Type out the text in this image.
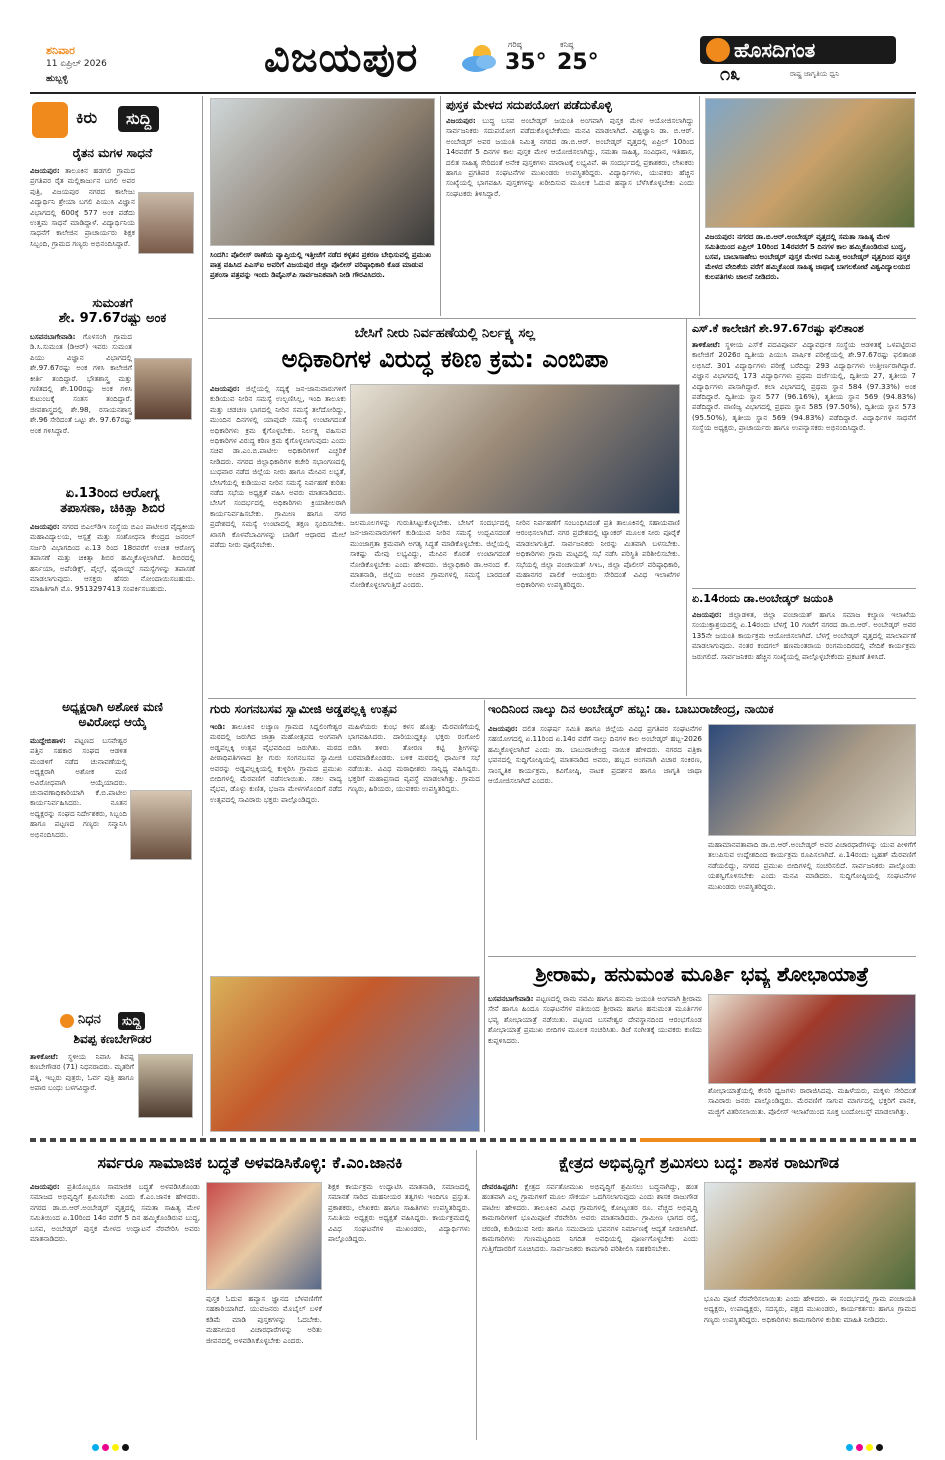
ಶನಿವಾರ
11 ಏಪ್ರಿಲ್ 2026
ಹುಬ್ಬಳ್ಳಿ	ವಿಜಯಪುರ	ಗರಿಷ್ಠ
35°
ಕನಿಷ್ಠ
25°	ಹೊಸದಿಗಂತ
೧೩	ರಾಷ್ಟ್ರ ಜಾಗೃತಿಯ ಧ್ವನಿ
ಕಿರು	ಸುದ್ದಿ
ರೈತನ ಮಗಳ ಸಾಧನೆ
ವಿಜಯಪುರ: ತಾಲೂಕಿನ ಹಡಗಲಿ ಗ್ರಾಮದ ಪ್ರಗತಿಪರ ರೈತ ಮಲ್ಲಿಕಾರ್ಜುನ ಬಗಲಿ ಅವರ ಪುತ್ರಿ, ವಿಜಯಪುರ ನಗರದ ಕಾಲೇಜು ವಿದ್ಯಾರ್ಥಿನಿ ಶ್ರೇಯಾ ಬಗಲಿ ಪಿಯುಸಿ ವಿಜ್ಞಾನ ವಿಭಾಗದಲ್ಲಿ 600ಕ್ಕೆ 577 ಅಂಕ ಪಡೆದು ಉತ್ತಮ ಸಾಧನೆ ಮಾಡಿದ್ದಾಳೆ. ವಿದ್ಯಾರ್ಥಿನಿಯ ಸಾಧನೆಗೆ ಕಾಲೇಜಿನ ಪ್ರಾಚಾರ್ಯರು ಶಿಕ್ಷಕ ಸಿಬ್ಬಂದಿ, ಗ್ರಾಮದ ಗಣ್ಯರು ಅಭಿನಂದಿಸಿದ್ದಾರೆ.
ಸುಮಂತಗೆ
ಶೇ. 97.67ರಷ್ಟು ಅಂಕ
ಬಸವನಬಾಗೇವಾಡಿ: ಗೊಳಸಂಗಿ ಗ್ರಾಮದ ಡಿ.ಸಿ.ಸುಮಂತ (ಡಿಆರ್) ಇವರು ಸುಮಂತ ಪಿಯು ವಿಜ್ಞಾನ ವಿಭಾಗದಲ್ಲಿ ಶೇ.97.67ರಷ್ಟು ಅಂಕ ಗಳಿಸಿ ಕಾಲೇಜಿಗೆ ಕೀರ್ತಿ ತಂದಿದ್ದಾರೆ. ಭೌತಶಾಸ್ತ್ರ ಮತ್ತು ಗಣಿತದಲ್ಲಿ ಶೇ.100ರಷ್ಟು ಅಂಕ ಗಳಿಸಿ ಕುಟುಂಬಕ್ಕೆ ಸಂತಸ ತಂದಿದ್ದಾರೆ. ಜೀವಶಾಸ್ತ್ರದಲ್ಲಿ ಶೇ.98, ರಸಾಯನಶಾಸ್ತ್ರ ಶೇ.96 ಸೇರಿದಂತೆ ಒಟ್ಟು ಶೇ. 97.67ರಷ್ಟು ಅಂಕ ಗಳಿಸಿದ್ದಾರೆ.
ಏ.13ರಿಂದ ಆರೋಗ್ಯ
ತಪಾಸಣಾ, ಚಿಕಿತ್ಸಾ ಶಿಬಿರ
ವಿಜಯಪುರ: ನಗರದ ಬಿಎಲ್‌ಡಿಇ ಸಂಸ್ಥೆಯ ಬಿಎಂ ಪಾಟೀಲರ ವೈದ್ಯಕೀಯ ಮಹಾವಿದ್ಯಾಲಯ, ಆಸ್ಪತ್ರೆ ಮತ್ತು ಸಂಶೋಧನಾ ಕೇಂದ್ರದ ಜನರಲ್ ಸರ್ಜರಿ ವಿಭಾಗದಿಂದ ಏ.13 ರಿಂದ 18ರವರೆಗೆ ಉಚಿತ ಆರೋಗ್ಯ ತಪಾಸಣೆ ಮತ್ತು ಚಿಕಿತ್ಸಾ ಶಿಬಿರ ಹಮ್ಮಿಕೊಳ್ಳಲಾಗಿದೆ. ಶಿಬಿರದಲ್ಲಿ ಹರ್ನಿಯಾ, ಅಪೆಂಡಿಕ್ಸ್, ಪೈಲ್ಸ್, ಥೈರಾಯ್ಡ್ ಸಮಸ್ಯೆಗಳನ್ನು ತಪಾಸಣೆ ಮಾಡಲಾಗುವುದು. ಆಸಕ್ತರು ಹೆಸರು ನೋಂದಾಯಿಸಬಹುದು. ಮಾಹಿತಿಗಾಗಿ ಮೊ. 9513297413 ಸಂಪರ್ಕಿಸಬಹುದು.
ಅಧ್ಯಕ್ಷರಾಗಿ ಅಶೋಕ ಮಣಿ
ಅವಿರೋಧ ಆಯ್ಕೆ
ಮುದ್ದೇಬಿಹಾಳ: ಪಟ್ಟಣದ ಬಸವೇಶ್ವರ ಪತ್ತಿನ ಸಹಕಾರ ಸಂಘದ ಆಡಳಿತ ಮಂಡಳಿಗೆ ನಡೆದ ಚುನಾವಣೆಯಲ್ಲಿ ಅಧ್ಯಕ್ಷರಾಗಿ ಅಶೋಕ ಮಣಿ ಅವಿರೋಧವಾಗಿ ಆಯ್ಕೆಯಾದರು. ಚುನಾವಣಾಧಿಕಾರಿಯಾಗಿ ಕೆ.ಬಿ.ಪಾಟೀಲ ಕಾರ್ಯನಿರ್ವಹಿಸಿದರು. ನೂತನ ಅಧ್ಯಕ್ಷರನ್ನು ಸಂಘದ ನಿರ್ದೇಶಕರು, ಸಿಬ್ಬಂದಿ ಹಾಗೂ ಪಟ್ಟಣದ ಗಣ್ಯರು ಸನ್ಮಾನಿಸಿ ಅಭಿನಂದಿಸಿದರು.
ನಿಧನ	ಸುದ್ದಿ
ಶಿವಪ್ಪ ಕಣಬೇಗೌಡರ
ತಾಳಿಕೋಟೆ: ಸ್ಥಳೀಯ ನಿವಾಸಿ ಶಿವಪ್ಪ ಕಣಬೇಗೌಡರ (71) ನಿಧನರಾದರು. ಮೃತರಿಗೆ ಪತ್ನಿ, ಇಬ್ಬರು ಪುತ್ರರು, ಓರ್ವ ಪುತ್ರಿ ಹಾಗೂ ಅಪಾರ ಬಂಧು ಬಳಗವಿದ್ದಾರೆ.
ಸಿಂದಗಿ: ಪೊಲೀಸ್ ಠಾಣೆಯ ವ್ಯಾಪ್ತಿಯಲ್ಲಿ ಇತ್ತೀಚೆಗೆ ನಡೆದ ಕಳ್ಳತನ ಪ್ರಕರಣ ಬೇಧಿಸುವಲ್ಲಿ ಪ್ರಮುಖ ಪಾತ್ರ ವಹಿಸಿದ ಪಿಎಸ್‌ಐ ಅವರಿಗೆ ವಿಜಯಪುರ ಜಿಲ್ಲಾ ಪೊಲೀಸ್ ವರಿಷ್ಠಾಧಿಕಾರಿ ಕೊಡ ಮಾಡುವ ಪ್ರಶಂಸಾ ಪತ್ರವನ್ನು ಇಂದು ಡಿವೈಎಸ್‌ಪಿ ಸಾರ್ವಜನಿಕವಾಗಿ ನೀಡಿ ಗೌರವಿಸಿದರು.
ಪುಸ್ತಕ ಮೇಳದ ಸದುಪಯೋಗ ಪಡೆದುಕೊಳ್ಳಿ
ವಿಜಯಪುರ: ಬುದ್ಧ ಬಸವ ಅಂಬೇಡ್ಕರ್ ಜಯಂತಿ ಅಂಗವಾಗಿ ಪುಸ್ತಕ ಮೇಳ ಆಯೋಜಿಸಲಾಗಿದ್ದು ಸಾರ್ವಜನಿಕರು ಸದುಪಯೋಗ ಪಡೆದುಕೊಳ್ಳಬೇಕೆಂದು ಮನವಿ ಮಾಡಲಾಗಿದೆ. ವಿಶ್ವಜ್ಞಾನಿ ಡಾ. ಬಿ.ಆರ್. ಅಂಬೇಡ್ಕರ್ ಅವರ ಜಯಂತಿ ನಿಮಿತ್ತ ನಗರದ ಡಾ.ಬಿ.ಆರ್. ಅಂಬೇಡ್ಕರ್ ವೃತ್ತದಲ್ಲಿ ಏಪ್ರಿಲ್ 10ರಿಂದ 14ರವರೆಗೆ 5 ದಿನಗಳ ಕಾಲ ಪುಸ್ತಕ ಮೇಳ ಆಯೋಜಿಸಲಾಗಿದ್ದು, ಸಮತಾ ಸಾಹಿತ್ಯ, ಸಂವಿಧಾನ, ಇತಿಹಾಸ, ದಲಿತ ಸಾಹಿತ್ಯ ಸೇರಿದಂತೆ ಅನೇಕ ಪುಸ್ತಕಗಳು ಮಾರಾಟಕ್ಕೆ ಲಭ್ಯವಿವೆ. ಈ ಸಂದರ್ಭದಲ್ಲಿ ಪ್ರಕಾಶಕರು, ಲೇಖಕರು ಹಾಗೂ ಪ್ರಗತಿಪರ ಸಂಘಟನೆಗಳ ಮುಖಂಡರು ಉಪಸ್ಥಿತರಿದ್ದರು. ವಿದ್ಯಾರ್ಥಿಗಳು, ಯುವಕರು ಹೆಚ್ಚಿನ ಸಂಖ್ಯೆಯಲ್ಲಿ ಭಾಗವಹಿಸಿ ಪುಸ್ತಕಗಳನ್ನು ಖರೀದಿಸುವ ಮೂಲಕ ಓದುವ ಹವ್ಯಾಸ ಬೆಳೆಸಿಕೊಳ್ಳಬೇಕು ಎಂದು ಸಂಘಟಕರು ತಿಳಿಸಿದ್ದಾರೆ.
ವಿಜಯಪುರ: ನಗರದ ಡಾ.ಬಿ.ಆರ್.ಅಂಬೇಡ್ಕರ್ ವೃತ್ತದಲ್ಲಿ ಸಮತಾ ಸಾಹಿತ್ಯ ಮೇಳ ಸಮಿತಿಯಿಂದ ಏಪ್ರಿಲ್ 10ರಿಂದ 14ರವರೆಗೆ 5 ದಿನಗಳ ಕಾಲ ಹಮ್ಮಿಕೊಂಡಿರುವ ಬುದ್ಧ, ಬಸವ, ಬಾಬಾಸಾಹೇಬ ಅಂಬೇಡ್ಕರ್ ಪುಸ್ತಕ ಮೇಳದ ನಿಮಿತ್ತ ಅಂಬೇಡ್ಕರ್ ವೃತ್ತದಿಂದ ಪುಸ್ತಕ ಮೇಳದ ವೇದಿಕೆಯ ವರೆಗೆ ಹಮ್ಮಿಕೊಂಡ ಸಾಹಿತ್ಯ ಜಾಥಾಕ್ಕೆ ಬಾಗಲಕೋಟೆ ವಿಶ್ವವಿದ್ಯಾಲಯದ ಕುಲಪತಿಗಳು ಚಾಲನೆ ನೀಡಿದರು.
ಬೇಸಿಗೆ ನೀರು ನಿರ್ವಹಣೆಯಲ್ಲಿ ನಿರ್ಲಕ್ಷ್ಯ ಸಲ್ಲ
ಅಧಿಕಾರಿಗಳ ವಿರುದ್ಧ ಕಠಿಣ ಕ್ರಮ: ಎಂಬಿಪಾ
ವಿಜಯಪುರ: ಜಿಲ್ಲೆಯಲ್ಲಿ ಸದ್ಯಕ್ಕೆ ಜನ-ಜಾನುವಾರುಗಳಿಗೆ ಕುಡಿಯುವ ನೀರಿನ ಸಮಸ್ಯೆ ಉಲ್ಬಣಿಸಿಲ್ಲ, ಇಂದಿ ತಾಲೂಕು ಮತ್ತು ಚಡಚಣ ಭಾಗದಲ್ಲಿ ನೀರಿನ ಸಮಸ್ಯೆ ತಲೆದೋರಿದ್ದು, ಮುಂದಿನ ದಿನಗಳಲ್ಲಿ ಯಾವುದೇ ಸಮಸ್ಯೆ ಉಂಟಾಗದಂತೆ ಅಧಿಕಾರಿಗಳು ಕ್ರಮ ಕೈಗೊಳ್ಳಬೇಕು. ನಿರ್ಲಕ್ಷ್ಯ ವಹಿಸುವ ಅಧಿಕಾರಿಗಳ ವಿರುದ್ಧ ಕಠಿಣ ಕ್ರಮ ಕೈಗೊಳ್ಳಲಾಗುವುದು ಎಂದು ಸಚಿವ ಡಾ.ಎಂ.ಬಿ.ಪಾಟೀಲ ಅಧಿಕಾರಿಗಳಿಗೆ ಎಚ್ಚರಿಕೆ ನೀಡಿದರು. ನಗರದ ಜಿಲ್ಲಾಧಿಕಾರಿಗಳ ಕಚೇರಿ ಸಭಾಂಗಣದಲ್ಲಿ ಬುಧವಾರ ನಡೆದ ಜಿಲ್ಲೆಯ ನೀರು ಹಾಗೂ ಮೇವಿನ ಲಭ್ಯತೆ, ಬೇಸಿಗೆಯಲ್ಲಿ ಕುಡಿಯುವ ನೀರಿನ ಸಮಸ್ಯೆ ನಿರ್ವಹಣೆ ಕುರಿತು ನಡೆದ ಸಭೆಯ ಅಧ್ಯಕ್ಷತೆ ವಹಿಸಿ ಅವರು ಮಾತನಾಡಿದರು. ಬೇಸಿಗೆ ಸಂದರ್ಭದಲ್ಲಿ ಅಧಿಕಾರಿಗಳು ಕ್ರಿಯಾಶೀಲರಾಗಿ ಕಾರ್ಯನಿರ್ವಹಿಸಬೇಕು. ಗ್ರಾಮೀಣ ಹಾಗೂ ನಗರ ಪ್ರದೇಶದಲ್ಲಿ ಸಮಸ್ಯೆ ಉಂಟಾದಲ್ಲಿ ತಕ್ಷಣ ಸ್ಪಂದಿಸಬೇಕು. ಖಾಸಗಿ ಕೊಳವೆಬಾವಿಗಳನ್ನು ಬಾಡಿಗೆ ಆಧಾರದ ಮೇಲೆ ಪಡೆದು ನೀರು ಪೂರೈಸಬೇಕು.
ಜಲಮೂಲಗಳನ್ನು ಗುರುತಿಸಿಟ್ಟುಕೊಳ್ಳಬೇಕು. ಬೇಸಿಗೆ ಸಂದರ್ಭದಲ್ಲಿ ಜನ-ಜಾನುವಾರುಗಳಿಗೆ ಕುಡಿಯುವ ನೀರಿನ ಸಮಸ್ಯೆ ಉದ್ಭವಿಸದಂತೆ ಮುಂಜಾಗ್ರತಾ ಕ್ರಮವಾಗಿ ಅಗತ್ಯ ಸಿದ್ಧತೆ ಮಾಡಿಕೊಳ್ಳಬೇಕು. ಜಿಲ್ಲೆಯಲ್ಲಿ ಸಾಕಷ್ಟು ಮೇವು ಲಭ್ಯವಿದ್ದು, ಮೇವಿನ ಕೊರತೆ ಉಂಟಾಗದಂತೆ ನೋಡಿಕೊಳ್ಳಬೇಕು ಎಂದು ಹೇಳಿದರು. ಜಿಲ್ಲಾಧಿಕಾರಿ ಡಾ.ಆನಂದ ಕೆ. ಮಾತನಾಡಿ, ಜಿಲ್ಲೆಯ ಅಂಚಿನ ಗ್ರಾಮಗಳಲ್ಲಿ ಸಮಸ್ಯೆ ಬಾರದಂತೆ ನೋಡಿಕೊಳ್ಳಲಾಗುತ್ತಿದೆ ಎಂದರು.
ನೀರಿನ ನಿರ್ವಹಣೆಗೆ ಸಂಬಂಧಿಸಿದಂತೆ ಪ್ರತಿ ತಾಲೂಕಿನಲ್ಲಿ ಸಹಾಯವಾಣಿ ಆರಂಭಿಸಲಾಗಿದೆ. ನಗರ ಪ್ರದೇಶದಲ್ಲಿ ಟ್ಯಾಂಕರ್ ಮೂಲಕ ನೀರು ಪೂರೈಕೆ ಮಾಡಲಾಗುತ್ತಿದೆ. ಸಾರ್ವಜನಿಕರು ನೀರನ್ನು ಮಿತವಾಗಿ ಬಳಸಬೇಕು. ಅಧಿಕಾರಿಗಳು ಗ್ರಾಮ ಮಟ್ಟದಲ್ಲಿ ಸಭೆ ನಡೆಸಿ ಪರಿಸ್ಥಿತಿ ಪರಿಶೀಲಿಸಬೇಕು. ಸಭೆಯಲ್ಲಿ ಜಿಲ್ಲಾ ಪಂಚಾಯತ್ ಸಿಇಒ, ಜಿಲ್ಲಾ ಪೊಲೀಸ್ ವರಿಷ್ಠಾಧಿಕಾರಿ, ಮಹಾನಗರ ಪಾಲಿಕೆ ಆಯುಕ್ತರು ಸೇರಿದಂತೆ ವಿವಿಧ ಇಲಾಖೆಗಳ ಅಧಿಕಾರಿಗಳು ಉಪಸ್ಥಿತರಿದ್ದರು.
ಎಸ್.ಕೆ ಕಾಲೇಜಿಗೆ ಶೇ.97.67ರಷ್ಟು ಫಲಿತಾಂಶ
ತಾಳಿಕೋಟೆ: ಸ್ಥಳೀಯ ಎಸ್‌ಕೆ ಪದವಿಪೂರ್ವ ವಿದ್ಯಾವರ್ಧಕ ಸಂಸ್ಥೆಯ ಆಡಳಿತಕ್ಕೆ ಒಳಪಟ್ಟಿರುವ ಕಾಲೇಜಿಗೆ 2026ರ ದ್ವಿತೀಯ ಪಿಯುಸಿ ವಾರ್ಷಿಕ ಪರೀಕ್ಷೆಯಲ್ಲಿ ಶೇ.97.67ರಷ್ಟು ಫಲಿತಾಂಶ ಲಭಿಸಿದೆ. 301 ವಿದ್ಯಾರ್ಥಿಗಳು ಪರೀಕ್ಷೆ ಬರೆದಿದ್ದು 293 ವಿದ್ಯಾರ್ಥಿಗಳು ಉತ್ತೀರ್ಣರಾಗಿದ್ದಾರೆ. ವಿಜ್ಞಾನ ವಿಭಾಗದಲ್ಲಿ 173 ವಿದ್ಯಾರ್ಥಿಗಳು ಪ್ರಥಮ ದರ್ಜೆಯಲ್ಲಿ, ದ್ವಿತೀಯ 27, ತೃತೀಯ 7 ವಿದ್ಯಾರ್ಥಿಗಳು ಪಾಸಾಗಿದ್ದಾರೆ. ಕಲಾ ವಿಭಾಗದಲ್ಲಿ ಪ್ರಥಮ ಸ್ಥಾನ 584 (97.33%) ಅಂಕ ಪಡೆದಿದ್ದಾರೆ. ದ್ವಿತೀಯ ಸ್ಥಾನ 577 (96.16%), ತೃತೀಯ ಸ್ಥಾನ 569 (94.83%) ಪಡೆದಿದ್ದಾರೆ. ವಾಣಿಜ್ಯ ವಿಭಾಗದಲ್ಲಿ ಪ್ರಥಮ ಸ್ಥಾನ 585 (97.50%), ದ್ವಿತೀಯ ಸ್ಥಾನ 573 (95.50%), ತೃತೀಯ ಸ್ಥಾನ 569 (94.83%) ಪಡೆದಿದ್ದಾರೆ. ವಿದ್ಯಾರ್ಥಿಗಳ ಸಾಧನೆಗೆ ಸಂಸ್ಥೆಯ ಅಧ್ಯಕ್ಷರು, ಪ್ರಾಚಾರ್ಯರು ಹಾಗೂ ಉಪನ್ಯಾಸಕರು ಅಭಿನಂದಿಸಿದ್ದಾರೆ.
ಏ.14ರಂದು ಡಾ.ಅಂಬೇಡ್ಕರ್ ಜಯಂತಿ
ವಿಜಯಪುರ: ಜಿಲ್ಲಾಡಳಿತ, ಜಿಲ್ಲಾ ಪಂಚಾಯತ್ ಹಾಗೂ ಸಮಾಜ ಕಲ್ಯಾಣ ಇಲಾಖೆಯ ಸಂಯುಕ್ತಾಶ್ರಯದಲ್ಲಿ ಏ.14ರಂದು ಬೆಳಗ್ಗೆ 10 ಗಂಟೆಗೆ ನಗರದ ಡಾ.ಬಿ.ಆರ್. ಅಂಬೇಡ್ಕರ್ ಅವರ 135ನೇ ಜಯಂತಿ ಕಾರ್ಯಕ್ರಮ ಆಯೋಜಿಸಲಾಗಿದೆ. ಬೆಳಗ್ಗೆ ಅಂಬೇಡ್ಕರ್ ವೃತ್ತದಲ್ಲಿ ಮಾಲಾರ್ಪಣೆ ಮಾಡಲಾಗುವುದು. ನಂತರ ಕಂದಗಲ್ ಹಣಮಂತರಾಯ ರಂಗಮಂದಿರದಲ್ಲಿ ವೇದಿಕೆ ಕಾರ್ಯಕ್ರಮ ಜರುಗಲಿದೆ. ಸಾರ್ವಜನಿಕರು ಹೆಚ್ಚಿನ ಸಂಖ್ಯೆಯಲ್ಲಿ ಪಾಲ್ಗೊಳ್ಳಬೇಕೆಂದು ಪ್ರಕಟಣೆ ತಿಳಿಸಿದೆ.
ಗುರು ಸಂಗನಬಸವ ಸ್ವಾಮೀಜಿ ಅಡ್ಡಪಲ್ಲಕ್ಕಿ ಉತ್ಸವ
ಇಂಡಿ: ತಾಲೂಕಿನ ಲಚ್ಯಾಣ ಗ್ರಾಮದ ಸಿದ್ದಲಿಂಗೇಶ್ವರ ಮಠದಲ್ಲಿ ಜರುಗಿದ ಜಾತ್ರಾ ಮಹೋತ್ಸವದ ಅಂಗವಾಗಿ ಅಡ್ಡಪಲ್ಲಕ್ಕಿ ಉತ್ಸವ ವೈಭವದಿಂದ ಜರುಗಿತು. ಮಠದ ಪೀಠಾಧಿಪತಿಗಳಾದ ಶ್ರೀ ಗುರು ಸಂಗನಬಸವ ಸ್ವಾಮೀಜಿ ಅವರನ್ನು ಅಡ್ಡಪಲ್ಲಕ್ಕಿಯಲ್ಲಿ ಕುಳ್ಳಿರಿಸಿ ಗ್ರಾಮದ ಪ್ರಮುಖ ಬೀದಿಗಳಲ್ಲಿ ಮೆರವಣಿಗೆ ನಡೆಸಲಾಯಿತು. ಸಕಲ ವಾದ್ಯ ವೈಭವ, ಡೊಳ್ಳು ಕುಣಿತ, ಭಜನಾ ಮೇಳಗಳೊಂದಿಗೆ ನಡೆದ ಉತ್ಸವದಲ್ಲಿ ಸಾವಿರಾರು ಭಕ್ತರು ಪಾಲ್ಗೊಂಡಿದ್ದರು.
ಮಹಿಳೆಯರು ಕುಂಭ ಕಳಸ ಹೊತ್ತು ಮೆರವಣಿಗೆಯಲ್ಲಿ ಭಾಗವಹಿಸಿದರು. ದಾರಿಯುದ್ದಕ್ಕೂ ಭಕ್ತರು ರಂಗೋಲಿ ಬಿಡಿಸಿ ತಳಿರು ತೋರಣ ಕಟ್ಟಿ ಶ್ರೀಗಳನ್ನು ಬರಮಾಡಿಕೊಂಡರು. ಬಳಿಕ ಮಠದಲ್ಲಿ ಧಾರ್ಮಿಕ ಸಭೆ ನಡೆಯಿತು. ವಿವಿಧ ಮಠಾಧೀಶರು ಸಾನ್ನಿಧ್ಯ ವಹಿಸಿದ್ದರು. ಭಕ್ತರಿಗೆ ಮಹಾಪ್ರಸಾದ ವ್ಯವಸ್ಥೆ ಮಾಡಲಾಗಿತ್ತು. ಗ್ರಾಮದ ಗಣ್ಯರು, ಹಿರಿಯರು, ಯುವಕರು ಉಪಸ್ಥಿತರಿದ್ದರು.
ಇಂದಿನಿಂದ ನಾಲ್ಕು ದಿನ ಅಂಬೇಡ್ಕರ್ ಹಬ್ಬ: ಡಾ. ಬಾಬುರಾಜೇಂದ್ರ, ನಾಯಿಕ
ವಿಜಯಪುರ: ದಲಿತ ಸಂಘರ್ಷ ಸಮಿತಿ ಹಾಗೂ ಜಿಲ್ಲೆಯ ವಿವಿಧ ಪ್ರಗತಿಪರ ಸಂಘಟನೆಗಳ ಸಹಯೋಗದಲ್ಲಿ ಏ.11ರಿಂದ ಏ.14ರ ವರೆಗೆ ನಾಲ್ಕು ದಿನಗಳ ಕಾಲ ಅಂಬೇಡ್ಕರ್ ಹಬ್ಬ-2026 ಹಮ್ಮಿಕೊಳ್ಳಲಾಗಿದೆ ಎಂದು ಡಾ. ಬಾಬುರಾಜೇಂದ್ರ ನಾಯಿಕ ಹೇಳಿದರು. ನಗರದ ಪತ್ರಿಕಾ ಭವನದಲ್ಲಿ ಸುದ್ದಿಗೋಷ್ಠಿಯಲ್ಲಿ ಮಾತನಾಡಿದ ಅವರು, ಹಬ್ಬದ ಅಂಗವಾಗಿ ವಿಚಾರ ಸಂಕಿರಣ, ಸಾಂಸ್ಕೃತಿಕ ಕಾರ್ಯಕ್ರಮ, ಕವಿಗೋಷ್ಠಿ, ನಾಟಕ ಪ್ರದರ್ಶನ ಹಾಗೂ ಜಾಗೃತಿ ಜಾಥಾ ಆಯೋಜಿಸಲಾಗಿದೆ ಎಂದರು.
ಮಹಾಮಾನವತಾವಾದಿ ಡಾ.ಬಿ.ಆರ್.ಅಂಬೇಡ್ಕರ್ ಅವರ ವಿಚಾರಧಾರೆಗಳನ್ನು ಯುವ ಪೀಳಿಗೆಗೆ ತಲುಪಿಸುವ ಉದ್ದೇಶದಿಂದ ಕಾರ್ಯಕ್ರಮ ರೂಪಿಸಲಾಗಿದೆ. ಏ.14ರಂದು ಬೃಹತ್ ಮೆರವಣಿಗೆ ನಡೆಯಲಿದ್ದು, ನಗರದ ಪ್ರಮುಖ ಬೀದಿಗಳಲ್ಲಿ ಸಂಚರಿಸಲಿದೆ. ಸಾರ್ವಜನಿಕರು ಪಾಲ್ಗೊಂಡು ಯಶಸ್ವಿಗೊಳಿಸಬೇಕು ಎಂದು ಮನವಿ ಮಾಡಿದರು. ಸುದ್ದಿಗೋಷ್ಠಿಯಲ್ಲಿ ಸಂಘಟನೆಗಳ ಮುಖಂಡರು ಉಪಸ್ಥಿತರಿದ್ದರು.
ಶ್ರೀರಾಮ, ಹನುಮಂತ ಮೂರ್ತಿ ಭವ್ಯ ಶೋಭಾಯಾತ್ರೆ
ಬಸವನಬಾಗೇವಾಡಿ: ಪಟ್ಟಣದಲ್ಲಿ ರಾಮ ನವಮಿ ಹಾಗೂ ಹನುಮ ಜಯಂತಿ ಅಂಗವಾಗಿ ಶ್ರೀರಾಮ ಸೇನೆ ಹಾಗೂ ಹಿಂದೂ ಸಂಘಟನೆಗಳ ವತಿಯಿಂದ ಶ್ರೀರಾಮ ಹಾಗೂ ಹನುಮಂತ ಮೂರ್ತಿಗಳ ಭವ್ಯ ಶೋಭಾಯಾತ್ರೆ ನಡೆಯಿತು. ಪಟ್ಟಣದ ಬಸವೇಶ್ವರ ದೇವಸ್ಥಾನದಿಂದ ಆರಂಭಗೊಂಡ ಶೋಭಾಯಾತ್ರೆ ಪ್ರಮುಖ ಬೀದಿಗಳ ಮೂಲಕ ಸಂಚರಿಸಿತು. ಡಿಜೆ ಸಂಗೀತಕ್ಕೆ ಯುವಕರು ಕುಣಿದು ಕುಪ್ಪಳಿಸಿದರು.
ಶೋಭಾಯಾತ್ರೆಯಲ್ಲಿ ಕೇಸರಿ ಧ್ವಜಗಳು ರಾರಾಜಿಸಿದವು. ಮಹಿಳೆಯರು, ಮಕ್ಕಳು ಸೇರಿದಂತೆ ಸಾವಿರಾರು ಜನರು ಪಾಲ್ಗೊಂಡಿದ್ದರು. ಮೆರವಣಿಗೆ ಸಾಗುವ ಮಾರ್ಗದಲ್ಲಿ ಭಕ್ತರಿಗೆ ಪಾನಕ, ಮಜ್ಜಿಗೆ ವಿತರಿಸಲಾಯಿತು. ಪೊಲೀಸ್ ಇಲಾಖೆಯಿಂದ ಸೂಕ್ತ ಬಂದೋಬಸ್ತ್ ಮಾಡಲಾಗಿತ್ತು.
ಸರ್ವರೂ ಸಾಮಾಜಿಕ ಬದ್ಧತೆ ಅಳವಡಿಸಿಕೊಳ್ಳಿ: ಕೆ.ಎಂ.ಜಾನಕಿ
ವಿಜಯಪುರ: ಪ್ರತಿಯೊಬ್ಬರೂ ಸಾಮಾಜಿಕ ಬದ್ಧತೆ ಅಳವಡಿಸಿಕೊಂಡು ಸಮಾಜದ ಅಭಿವೃದ್ಧಿಗೆ ಶ್ರಮಿಸಬೇಕು ಎಂದು ಕೆ.ಎಂ.ಜಾನಕಿ ಹೇಳಿದರು. ನಗರದ ಡಾ.ಬಿ.ಆರ್.ಅಂಬೇಡ್ಕರ್ ವೃತ್ತದಲ್ಲಿ ಸಮತಾ ಸಾಹಿತ್ಯ ಮೇಳ ಸಮಿತಿಯಿಂದ ಏ.10ರಿಂದ 14ರ ವರೆಗೆ 5 ದಿನ ಹಮ್ಮಿಕೊಂಡಿರುವ ಬುದ್ಧ, ಬಸವ, ಅಂಬೇಡ್ಕರ್ ಪುಸ್ತಕ ಮೇಳದ ಉದ್ಘಾಟನೆ ನೆರವೇರಿಸಿ ಅವರು ಮಾತನಾಡಿದರು.
ಪುಸ್ತಕ ಓದುವ ಹವ್ಯಾಸ ಜ್ಞಾನದ ಬೆಳವಣಿಗೆಗೆ ಸಹಕಾರಿಯಾಗಿದೆ. ಯುವಜನರು ಮೊಬೈಲ್ ಬಳಕೆ ಕಡಿಮೆ ಮಾಡಿ ಪುಸ್ತಕಗಳನ್ನು ಓದಬೇಕು. ಮಹನೀಯರ ವಿಚಾರಧಾರೆಗಳನ್ನು ಅರಿತು ಜೀವನದಲ್ಲಿ ಅಳವಡಿಸಿಕೊಳ್ಳಬೇಕು ಎಂದರು.
ಶಿಕ್ಷಕ ಕಾರ್ಯಕ್ರಮ ಉದ್ಘಾಟಿಸಿ ಮಾತನಾಡಿ, ಸಮಾಜದಲ್ಲಿ ಸಮಾನತೆ ಸಾರಿದ ಮಹನೀಯರ ತತ್ವಗಳು ಇಂದಿಗೂ ಪ್ರಸ್ತುತ. ಪ್ರಕಾಶಕರು, ಲೇಖಕರು ಹಾಗೂ ಸಾಹಿತಿಗಳು ಉಪಸ್ಥಿತರಿದ್ದರು. ಸಮಿತಿಯ ಅಧ್ಯಕ್ಷರು ಅಧ್ಯಕ್ಷತೆ ವಹಿಸಿದ್ದರು. ಕಾರ್ಯಕ್ರಮದಲ್ಲಿ ವಿವಿಧ ಸಂಘಟನೆಗಳ ಮುಖಂಡರು, ವಿದ್ಯಾರ್ಥಿಗಳು ಪಾಲ್ಗೊಂಡಿದ್ದರು.
ಕ್ಷೇತ್ರದ ಅಭಿವೃದ್ಧಿಗೆ ಶ್ರಮಿಸಲು ಬದ್ಧ: ಶಾಸಕ ರಾಜುಗೌಡ
ದೇವರಹಿಪ್ಪರಗಿ: ಕ್ಷೇತ್ರದ ಸರ್ವತೋಮುಖ ಅಭಿವೃದ್ಧಿಗೆ ಶ್ರಮಿಸಲು ಬದ್ಧನಾಗಿದ್ದು, ಹಂತ ಹಂತವಾಗಿ ಎಲ್ಲ ಗ್ರಾಮಗಳಿಗೆ ಮೂಲ ಸೌಕರ್ಯ ಒದಗಿಸಲಾಗುವುದು ಎಂದು ಶಾಸಕ ರಾಜುಗೌಡ ಪಾಟೀಲ ಹೇಳಿದರು. ತಾಲೂಕಿನ ವಿವಿಧ ಗ್ರಾಮಗಳಲ್ಲಿ ಕೋಟ್ಯಂತರ ರೂ. ವೆಚ್ಚದ ಅಭಿವೃದ್ಧಿ ಕಾಮಗಾರಿಗಳಿಗೆ ಭೂಮಿಪೂಜೆ ನೆರವೇರಿಸಿ ಅವರು ಮಾತನಾಡಿದರು. ಗ್ರಾಮೀಣ ಭಾಗದ ರಸ್ತೆ, ಚರಂಡಿ, ಕುಡಿಯುವ ನೀರು ಹಾಗೂ ಸಮುದಾಯ ಭವನಗಳ ನಿರ್ಮಾಣಕ್ಕೆ ಆದ್ಯತೆ ನೀಡಲಾಗಿದೆ. ಕಾಮಗಾರಿಗಳು ಗುಣಮಟ್ಟದಿಂದ ನಿಗದಿತ ಅವಧಿಯಲ್ಲಿ ಪೂರ್ಣಗೊಳ್ಳಬೇಕು ಎಂದು ಗುತ್ತಿಗೆದಾರರಿಗೆ ಸೂಚಿಸಿದರು. ಸಾರ್ವಜನಿಕರು ಕಾಮಗಾರಿ ಪರಿಶೀಲಿಸಿ ಸಹಕರಿಸಬೇಕು.
ಭೂಮಿ ಪೂಜೆ ನೆರವೇರಿಸಲಾಯಿತು ಎಂದು ಹೇಳಿದರು. ಈ ಸಂದರ್ಭದಲ್ಲಿ ಗ್ರಾಮ ಪಂಚಾಯತಿ ಅಧ್ಯಕ್ಷರು, ಉಪಾಧ್ಯಕ್ಷರು, ಸದಸ್ಯರು, ಪಕ್ಷದ ಮುಖಂಡರು, ಕಾರ್ಯಕರ್ತರು ಹಾಗೂ ಗ್ರಾಮದ ಗಣ್ಯರು ಉಪಸ್ಥಿತರಿದ್ದರು. ಅಧಿಕಾರಿಗಳು ಕಾಮಗಾರಿಗಳ ಕುರಿತು ಮಾಹಿತಿ ನೀಡಿದರು.
